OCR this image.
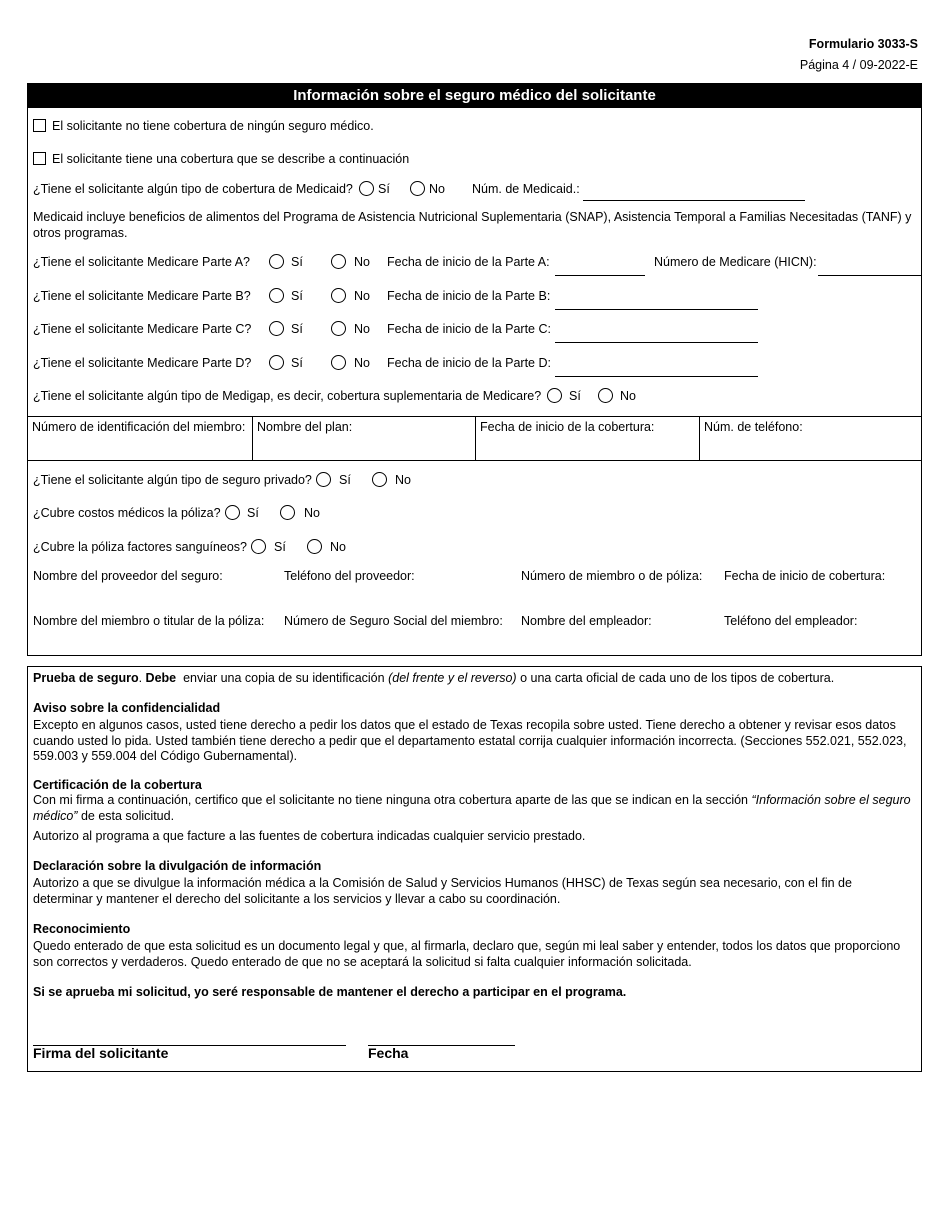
Formulario 3033-S
Página 4 / 09-2022-E
Información sobre el seguro médico del solicitante
El solicitante no tiene cobertura de ningún seguro médico.
El solicitante tiene una cobertura que se describe a continuación
¿Tiene el solicitante algún tipo de cobertura de Medicaid? Sí	No Núm. de Medicaid.:
Medicaid incluye beneficios de alimentos del Programa de Asistencia Nutricional Suplementaria (SNAP), Asistencia Temporal a Familias Necesitadas (TANF) y otros programas.
¿Tiene el solicitante Medicare Parte A?	Sí	No Fecha de inicio de la Parte A:	Número de Medicare (HICN):
¿Tiene el solicitante Medicare Parte B?	Sí	No Fecha de inicio de la Parte B:
¿Tiene el solicitante Medicare Parte C?	Sí	No Fecha de inicio de la Parte C:
¿Tiene el solicitante Medicare Parte D?	Sí	No Fecha de inicio de la Parte D:
¿Tiene el solicitante algún tipo de Medigap, es decir, cobertura suplementaria de Medicare? Sí	No
Número de identificación del miembro: Nombre del plan:	Fecha de inicio de la cobertura:	Núm. de teléfono:
¿Tiene el solicitante algún tipo de seguro privado? Sí	No
¿Cubre costos médicos la póliza? Sí	No
¿Cubre la póliza factores sanguíneos? Sí	No
Nombre del proveedor del seguro:	Teléfono del proveedor:	Número de miembro o de póliza: Fecha de inicio de cobertura:
Nombre del miembro o titular de la póliza: Número de Seguro Social del miembro: Nombre del empleador:	Teléfono del empleador:
Prueba de seguro. Debe  enviar una copia de su identificación (del frente y el reverso) o una carta oficial de cada uno de los tipos de cobertura.
Aviso sobre la confidencialidad
Excepto en algunos casos, usted tiene derecho a pedir los datos que el estado de Texas recopila sobre usted. Tiene derecho a obtener y revisar esos datos cuando usted lo pida. Usted también tiene derecho a pedir que el departamento estatal corrija cualquier información incorrecta. (Secciones 552.021, 552.023, 559.003 y 559.004 del Código Gubernamental).
Certificación de la cobertura
Con mi firma a continuación, certifico que el solicitante no tiene ninguna otra cobertura aparte de las que se indican en la sección “Información sobre el seguro médico” de esta solicitud.
Autorizo al programa a que facture a las fuentes de cobertura indicadas cualquier servicio prestado.
Declaración sobre la divulgación de información
Autorizo a que se divulgue la información médica a la Comisión de Salud y Servicios Humanos (HHSC) de Texas según sea necesario, con el fin de determinar y mantener el derecho del solicitante a los servicios y llevar a cabo su coordinación.
Reconocimiento
Quedo enterado de que esta solicitud es un documento legal y que, al firmarla, declaro que, según mi leal saber y entender, todos los datos que proporciono son correctos y verdaderos. Quedo enterado de que no se aceptará la solicitud si falta cualquier información solicitada.
Si se aprueba mi solicitud, yo seré responsable de mantener el derecho a participar en el programa.
Firma del solicitante	Fecha
